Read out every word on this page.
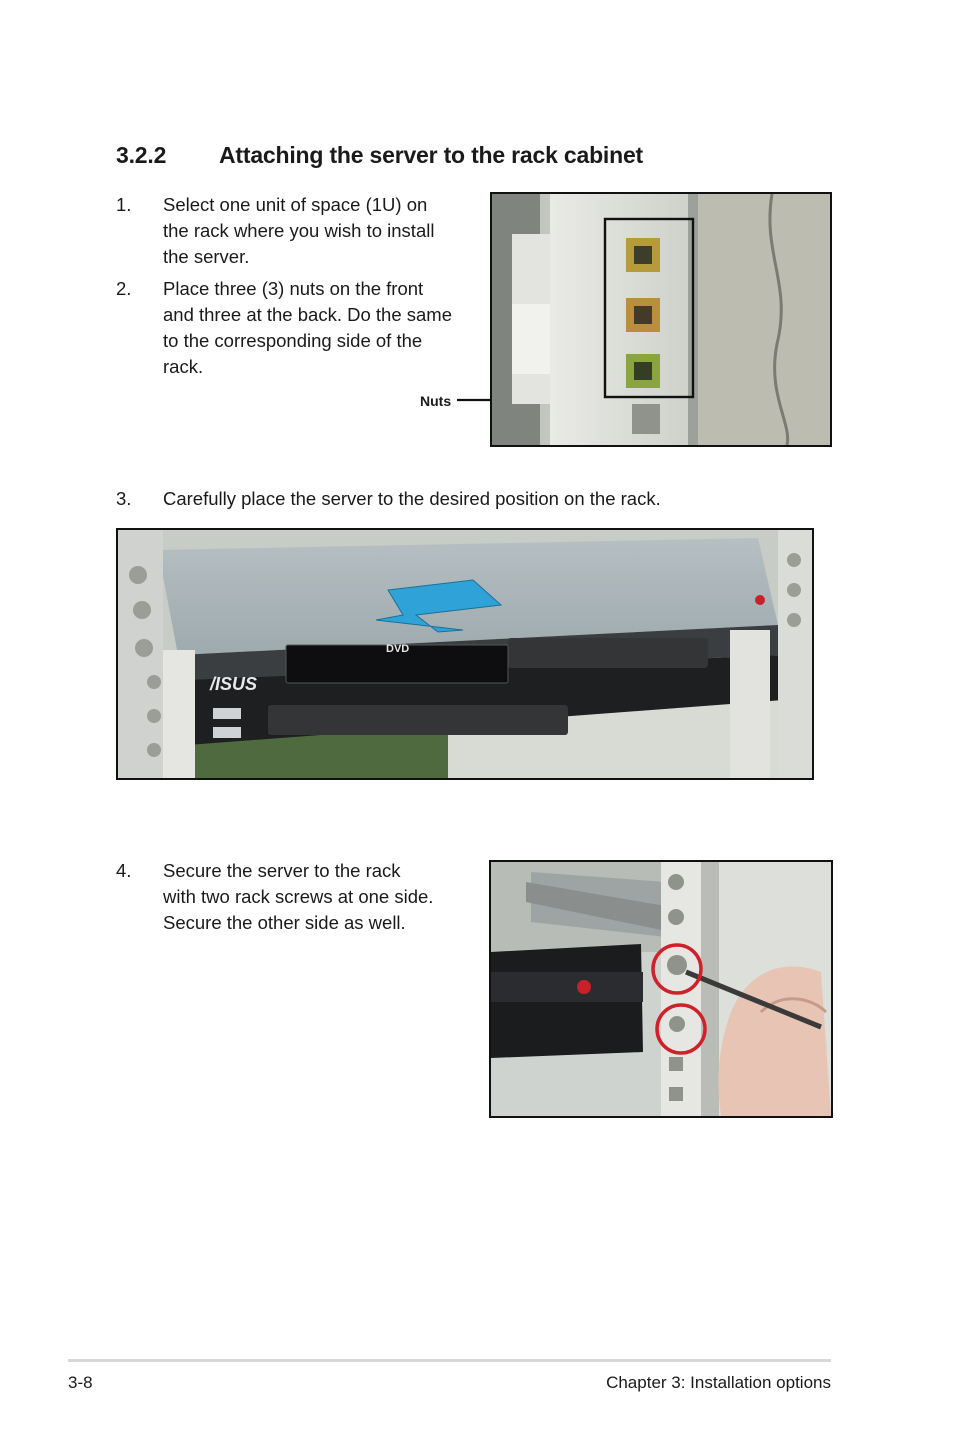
3.2.2 Attaching the server to the rack cabinet
1. Select one unit of space (1U) on
the rack where you wish to install
the server.
2. Place three (3) nuts on the front
and three at the back. Do the same
to the corresponding side of the
rack.
Nuts
3. Carefully place the server to the desired position on the rack.
DVD
/ISUS
4. Secure the server to the rack
with two rack screws at one side.
Secure the other side as well.
3-8	Chapter 3: Installation options
